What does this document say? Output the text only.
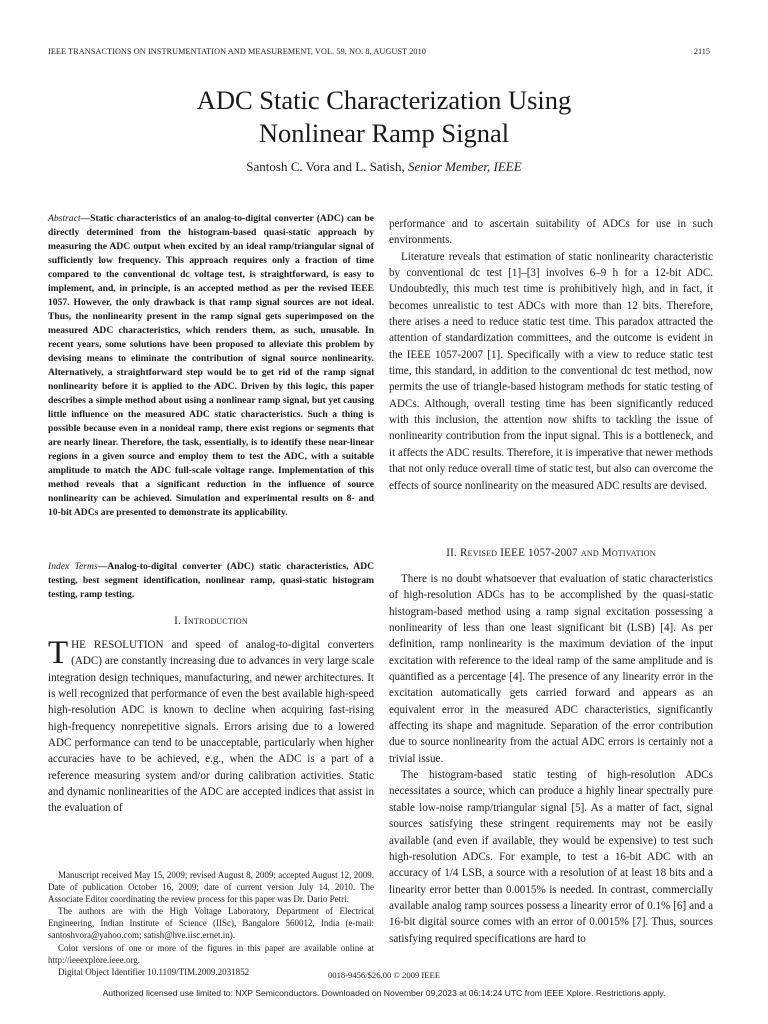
IEEE TRANSACTIONS ON INSTRUMENTATION AND MEASUREMENT, VOL. 59, NO. 8, AUGUST 2010	2115
ADC Static Characterization Using
Nonlinear Ramp Signal
Santosh C. Vora and L. Satish, Senior Member, IEEE
Abstract—Static characteristics of an analog-to-digital converter (ADC) can be directly determined from the histogram-based quasi-static approach by measuring the ADC output when excited by an ideal ramp/triangular signal of sufficiently low frequency. This approach requires only a fraction of time compared to the conventional dc voltage test, is straightforward, is easy to implement, and, in principle, is an accepted method as per the revised IEEE 1057. However, the only drawback is that ramp signal sources are not ideal. Thus, the nonlinearity present in the ramp signal gets superimposed on the measured ADC characteristics, which renders them, as such, unusable. In recent years, some solutions have been proposed to alleviate this problem by devising means to eliminate the contribution of signal source nonlinearity. Alternatively, a straightforward step would be to get rid of the ramp signal nonlinearity before it is applied to the ADC. Driven by this logic, this paper describes a simple method about using a nonlinear ramp signal, but yet causing little influence on the measured ADC static characteristics. Such a thing is possible because even in a nonideal ramp, there exist regions or segments that are nearly linear. Therefore, the task, essentially, is to identify these near-linear regions in a given source and employ them to test the ADC, with a suitable amplitude to match the ADC full-scale voltage range. Implementation of this method reveals that a significant reduction in the influence of source nonlinearity can be achieved. Simulation and experimental results on 8- and 10-bit ADCs are presented to demonstrate its applicability.
Index Terms—Analog-to-digital converter (ADC) static characteristics, ADC testing, best segment identification, nonlinear ramp, quasi-static histogram testing, ramp testing.
I. Introduction

THE RESOLUTION and speed of analog-to-digital converters (ADC) are constantly increasing due to advances in very large scale integration design techniques, manufacturing, and newer architectures. It is well recognized that performance of even the best available high-speed high-resolution ADC is known to decline when acquiring fast-rising high-frequency nonrepetitive signals. Errors arising due to a lowered ADC performance can tend to be unacceptable, particularly when higher accuracies have to be achieved, e.g., when the ADC is a part of a reference measuring system and/or during calibration activities. Static and dynamic nonlinearities of the ADC are accepted indices that assist in the evaluation of

Manuscript received May 15, 2009; revised August 8, 2009; accepted August 12, 2009. Date of publication October 16, 2009; date of current version July 14, 2010. The Associate Editor coordinating the review process for this paper was Dr. Dario Petri.

The authors are with the High Voltage Laboratory, Department of Electrical Engineering, Indian Institute of Science (IISc), Bangalore 560012, India (e-mail: santoshvora@yahoo.com; satish@hve.iisc.ernet.in).

Color versions of one or more of the figures in this paper are available online at http://ieeexplore.ieee.org.

Digital Object Identifier 10.1109/TIM.2009.2031852

performance and to ascertain suitability of ADCs for use in such environments.

Literature reveals that estimation of static nonlinearity characteristic by conventional dc test [1]–[3] involves 6–9 h for a 12-bit ADC. Undoubtedly, this much test time is prohibitively high, and in fact, it becomes unrealistic to test ADCs with more than 12 bits. Therefore, there arises a need to reduce static test time. This paradox attracted the attention of standardization committees, and the outcome is evident in the IEEE 1057-2007 [1]. Specifically with a view to reduce static test time, this standard, in addition to the conventional dc test method, now permits the use of triangle-based histogram methods for static testing of ADCs. Although, overall testing time has been significantly reduced with this inclusion, the attention now shifts to tackling the issue of nonlinearity contribution from the input signal. This is a bottleneck, and it affects the ADC results. Therefore, it is imperative that newer methods that not only reduce overall time of static test, but also can overcome the effects of source nonlinearity on the measured ADC results are devised.

II. Revised IEEE 1057-2007 and Motivation

There is no doubt whatsoever that evaluation of static characteristics of high-resolution ADCs has to be accomplished by the quasi-static histogram-based method using a ramp signal excitation possessing a nonlinearity of less than one least significant bit (LSB) [4]. As per definition, ramp nonlinearity is the maximum deviation of the input excitation with reference to the ideal ramp of the same amplitude and is quantified as a percentage [4]. The presence of any linearity error in the excitation automatically gets carried forward and appears as an equivalent error in the measured ADC characteristics, significantly affecting its shape and magnitude. Separation of the error contribution due to source nonlinearity from the actual ADC errors is certainly not a trivial issue.

The histogram-based static testing of high-resolution ADCs necessitates a source, which can produce a highly linear spectrally pure stable low-noise ramp/triangular signal [5]. As a matter of fact, signal sources satisfying these stringent requirements may not be easily available (and even if available, they would be expensive) to test such high-resolution ADCs. For example, to test a 16-bit ADC with an accuracy of 1/4 LSB, a source with a resolution of at least 18 bits and a linearity error better than 0.0015% is needed. In contrast, commercially available analog ramp sources possess a linearity error of 0.1% [6] and a 16-bit digital source comes with an error of 0.0015% [7]. Thus, sources satisfying required specifications are hard to

0018-9456/$26.00 © 2009 IEEE
Authorized licensed use limited to: NXP Semiconductors. Downloaded on November 09,2023 at 06:14:24 UTC from IEEE Xplore. Restrictions apply.
